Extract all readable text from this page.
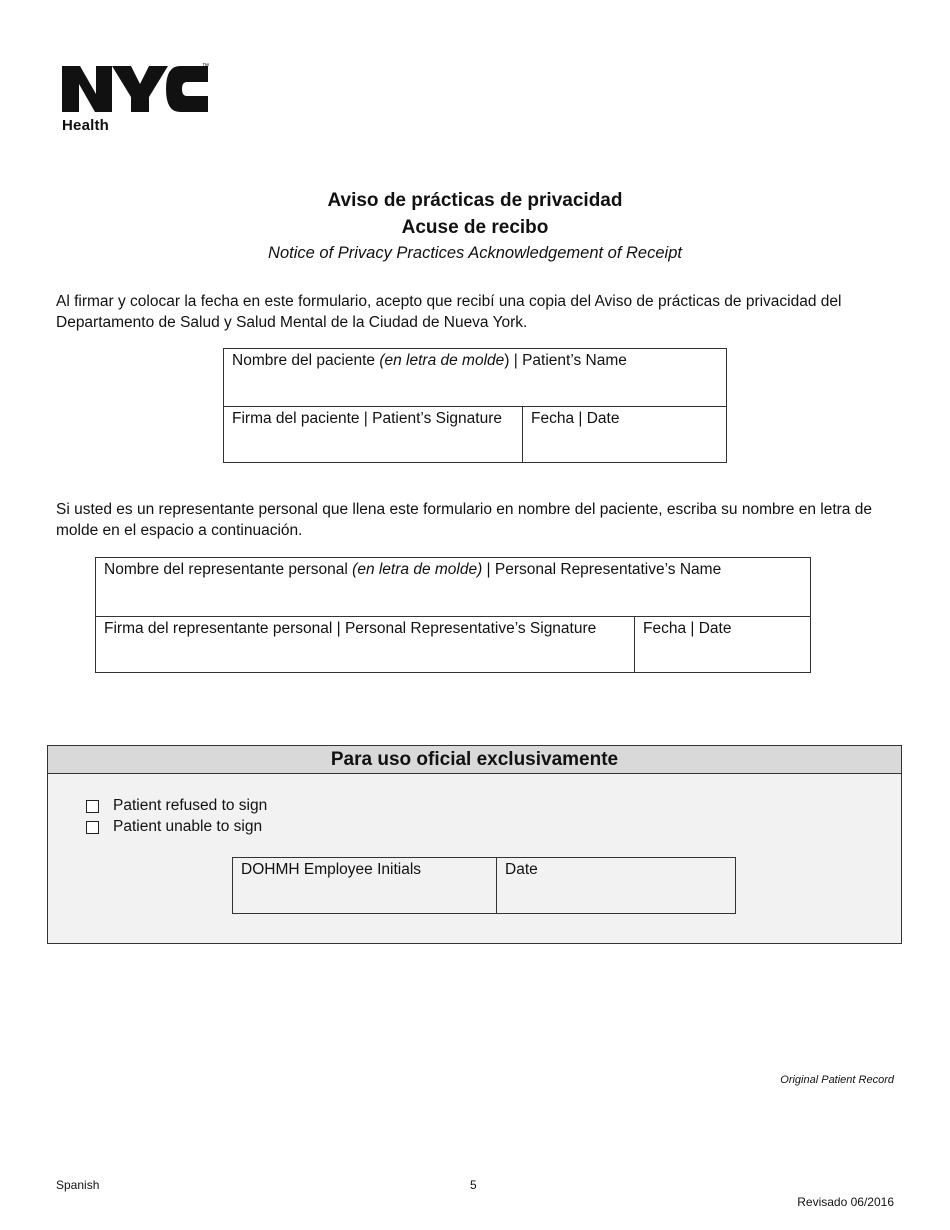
™
Health
Aviso de prácticas de privacidad
Acuse de recibo
Notice of Privacy Practices Acknowledgement of Receipt
Al firmar y colocar la fecha en este formulario, acepto que recibí una copia del Aviso de prácticas de privacidad del Departamento de Salud y Salud Mental de la Ciudad de Nueva York.
Nombre del paciente (en letra de molde) | Patient’s Name
Firma del paciente | Patient’s Signature	Fecha | Date
Si usted es un representante personal que llena este formulario en nombre del paciente, escriba su nombre en letra de molde en el espacio a continuación.
Nombre del representante personal (en letra de molde) | Personal Representative’s Name
Firma del representante personal | Personal Representative’s Signature	Fecha | Date
Para uso oficial exclusivamente
Patient refused to sign
Patient unable to sign
DOHMH Employee Initials	Date
Original Patient Record
Spanish	5
Revisado 06/2016
